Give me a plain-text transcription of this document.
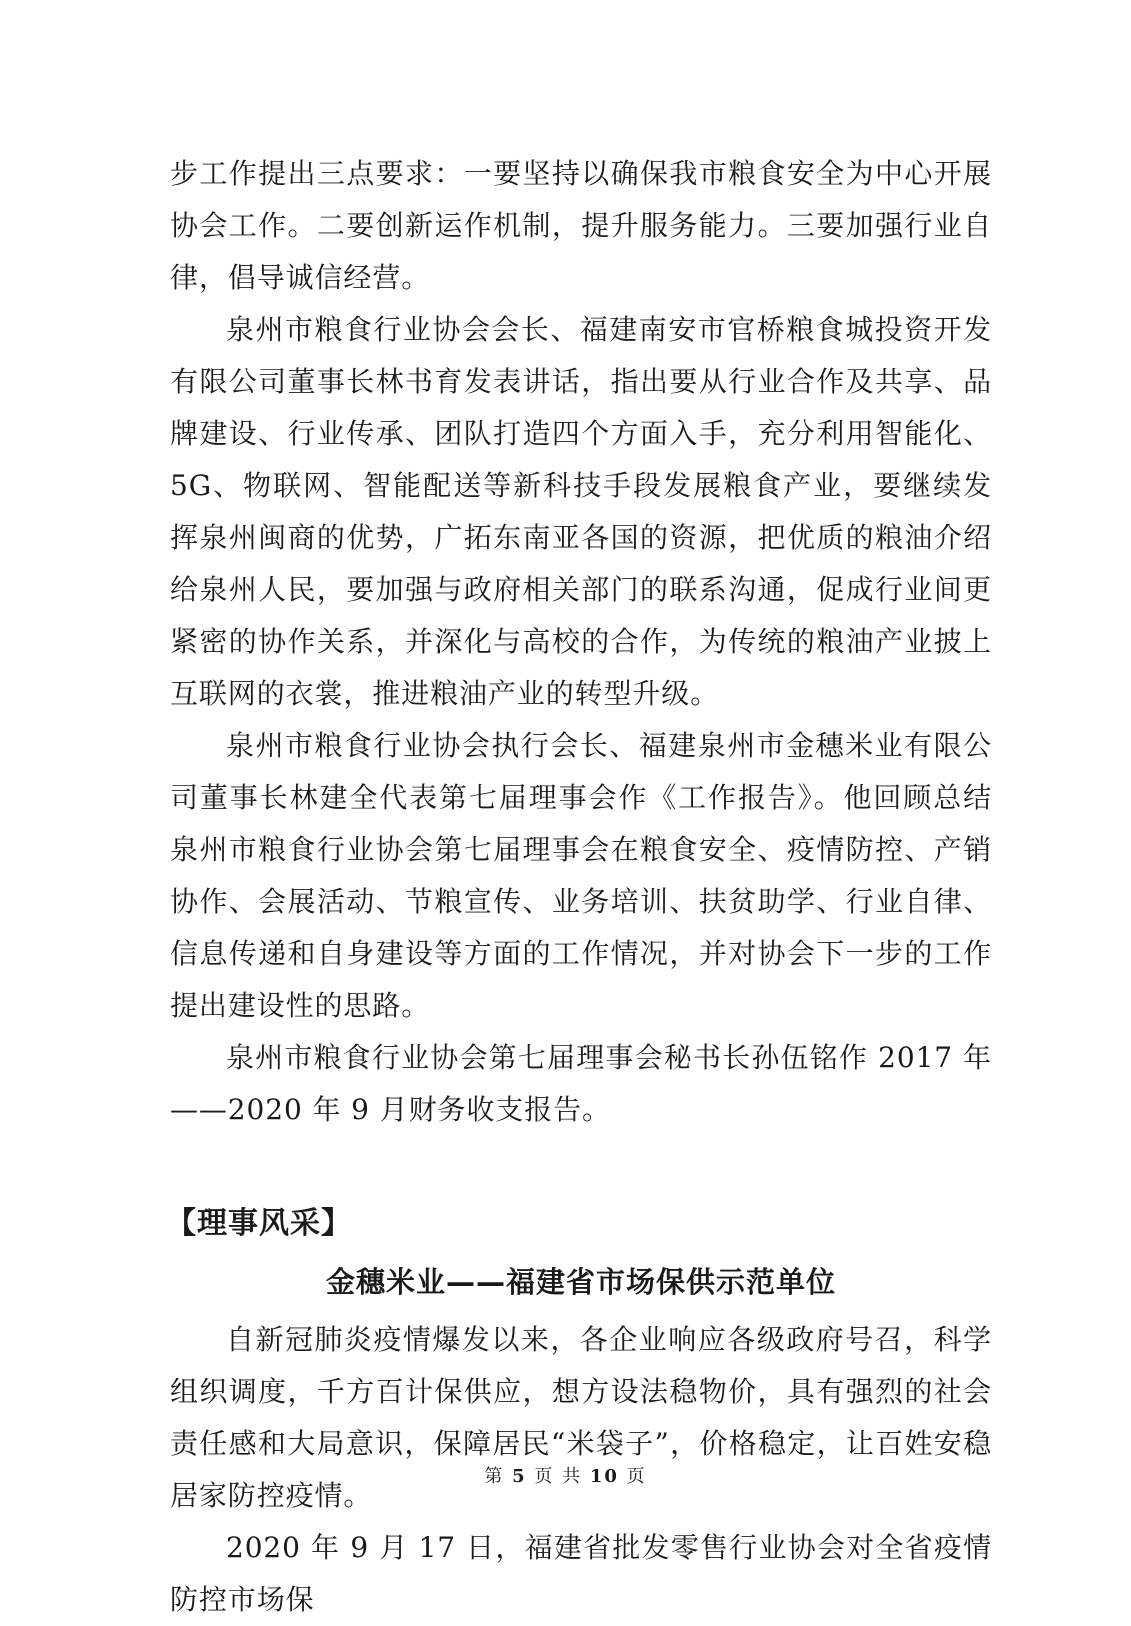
步工作提出三点要求：一要坚持以确保我市粮食安全为中心开展协会工作。二要创新运作机制，提升服务能力。三要加强行业自律，倡导诚信经营。

泉州市粮食行业协会会长、福建南安市官桥粮食城投资开发有限公司董事长林书育发表讲话，指出要从行业合作及共享、品牌建设、行业传承、团队打造四个方面入手，充分利用智能化、5G、物联网、智能配送等新科技手段发展粮食产业，要继续发挥泉州闽商的优势，广拓东南亚各国的资源，把优质的粮油介绍给泉州人民，要加强与政府相关部门的联系沟通，促成行业间更紧密的协作关系，并深化与高校的合作，为传统的粮油产业披上互联网的衣裳，推进粮油产业的转型升级。

泉州市粮食行业协会执行会长、福建泉州市金穗米业有限公司董事长林建全代表第七届理事会作《工作报告》。他回顾总结泉州市粮食行业协会第七届理事会在粮食安全、疫情防控、产销协作、会展活动、节粮宣传、业务培训、扶贫助学、行业自律、信息传递和自身建设等方面的工作情况，并对协会下一步的工作提出建设性的思路。

泉州市粮食行业协会第七届理事会秘书长孙伍铭作 2017 年——2020 年 9 月财务收支报告。

【理事风采】
金穗米业——福建省市场保供示范单位

自新冠肺炎疫情爆发以来，各企业响应各级政府号召，科学组织调度，千方百计保供应，想方设法稳物价，具有强烈的社会责任感和大局意识，保障居民“米袋子”，价格稳定，让百姓安稳居家防控疫情。

2020 年 9 月 17 日，福建省批发零售行业协会对全省疫情防控市场保

第 5 页 共 10 页
